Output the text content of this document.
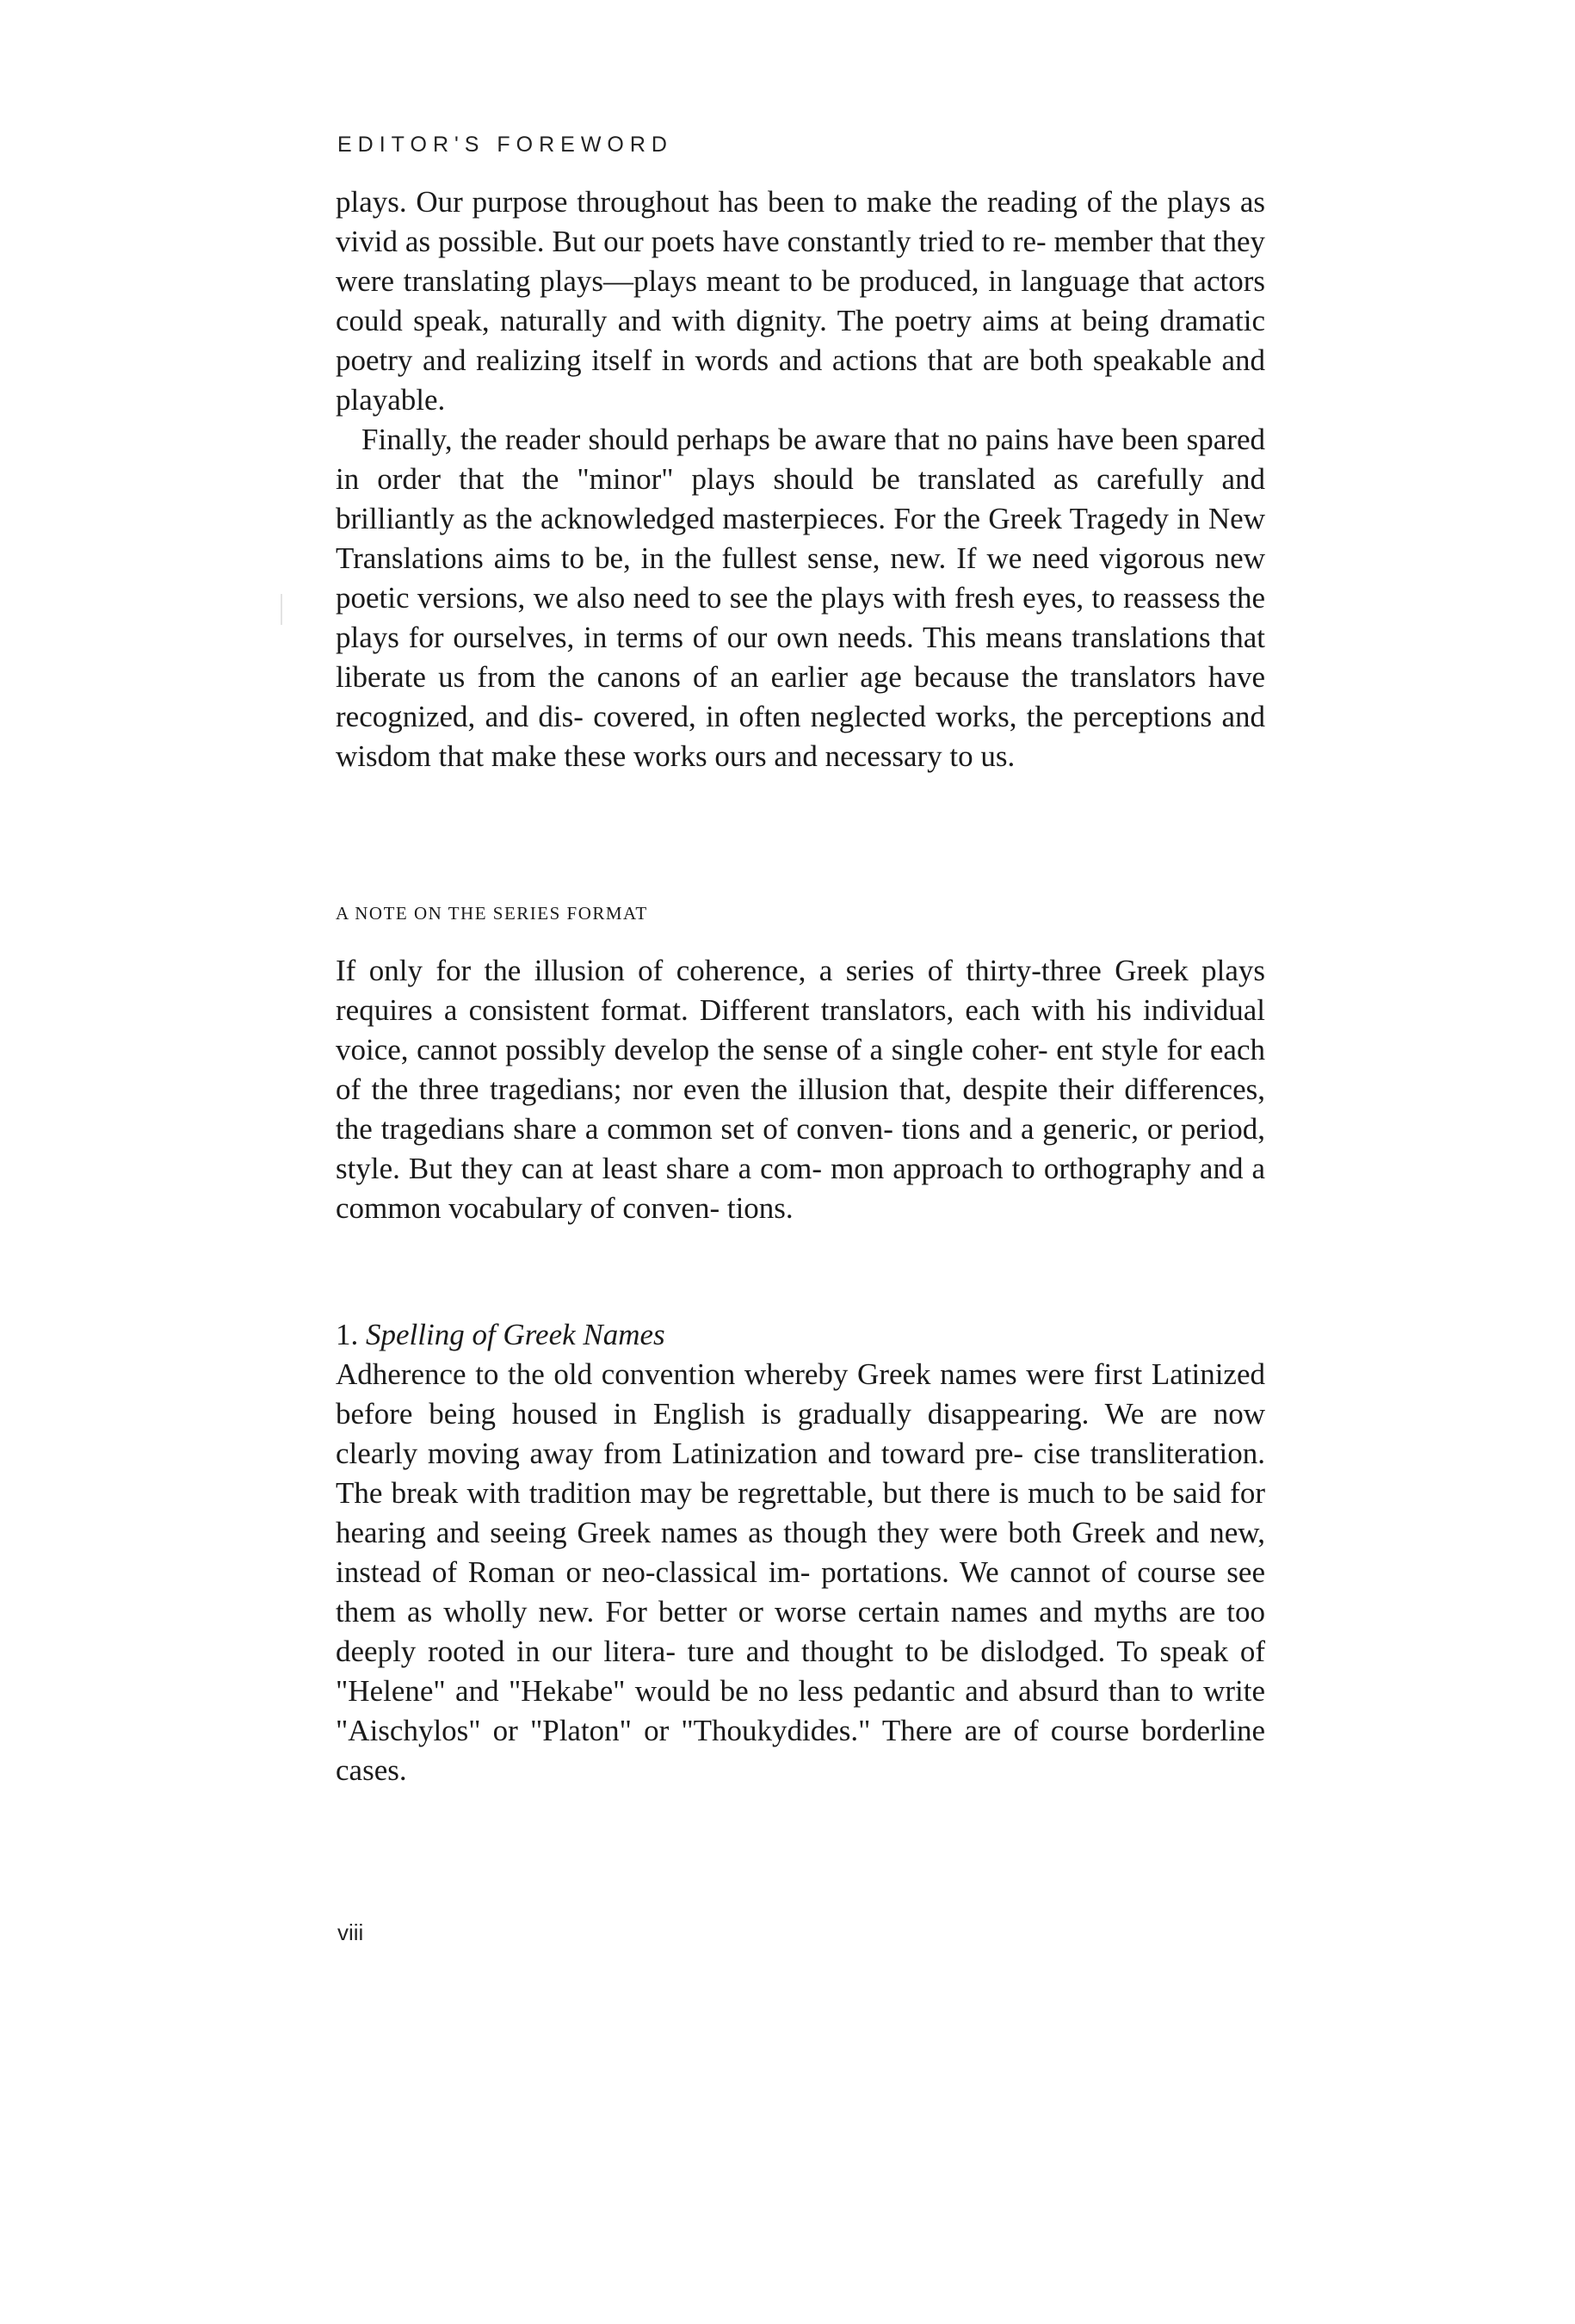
EDITOR'S FOREWORD

plays. Our purpose throughout has been to make the reading of the plays as vivid as possible. But our poets have constantly tried to re- member that they were translating plays—plays meant to be produced, in language that actors could speak, naturally and with dignity. The poetry aims at being dramatic poetry and realizing itself in words and actions that are both speakable and playable.

Finally, the reader should perhaps be aware that no pains have been spared in order that the "minor" plays should be translated as carefully and brilliantly as the acknowledged masterpieces. For the Greek Tragedy in New Translations aims to be, in the fullest sense, new. If we need vigorous new poetic versions, we also need to see the plays with fresh eyes, to reassess the plays for ourselves, in terms of our own needs. This means translations that liberate us from the canons of an earlier age because the translators have recognized, and dis- covered, in often neglected works, the perceptions and wisdom that make these works ours and necessary to us.

A NOTE ON THE SERIES FORMAT

If only for the illusion of coherence, a series of thirty-three Greek plays requires a consistent format. Different translators, each with his individual voice, cannot possibly develop the sense of a single coher- ent style for each of the three tragedians; nor even the illusion that, despite their differences, the tragedians share a common set of conven- tions and a generic, or period, style. But they can at least share a com- mon approach to orthography and a common vocabulary of conven- tions.

1. Spelling of Greek Names

Adherence to the old convention whereby Greek names were first Latinized before being housed in English is gradually disappearing. We are now clearly moving away from Latinization and toward pre- cise transliteration. The break with tradition may be regrettable, but there is much to be said for hearing and seeing Greek names as though they were both Greek and new, instead of Roman or neo-classical im- portations. We cannot of course see them as wholly new. For better or worse certain names and myths are too deeply rooted in our litera- ture and thought to be dislodged. To speak of "Helene" and "Hekabe" would be no less pedantic and absurd than to write "Aischylos" or "Platon" or "Thoukydides." There are of course borderline cases.

viii
